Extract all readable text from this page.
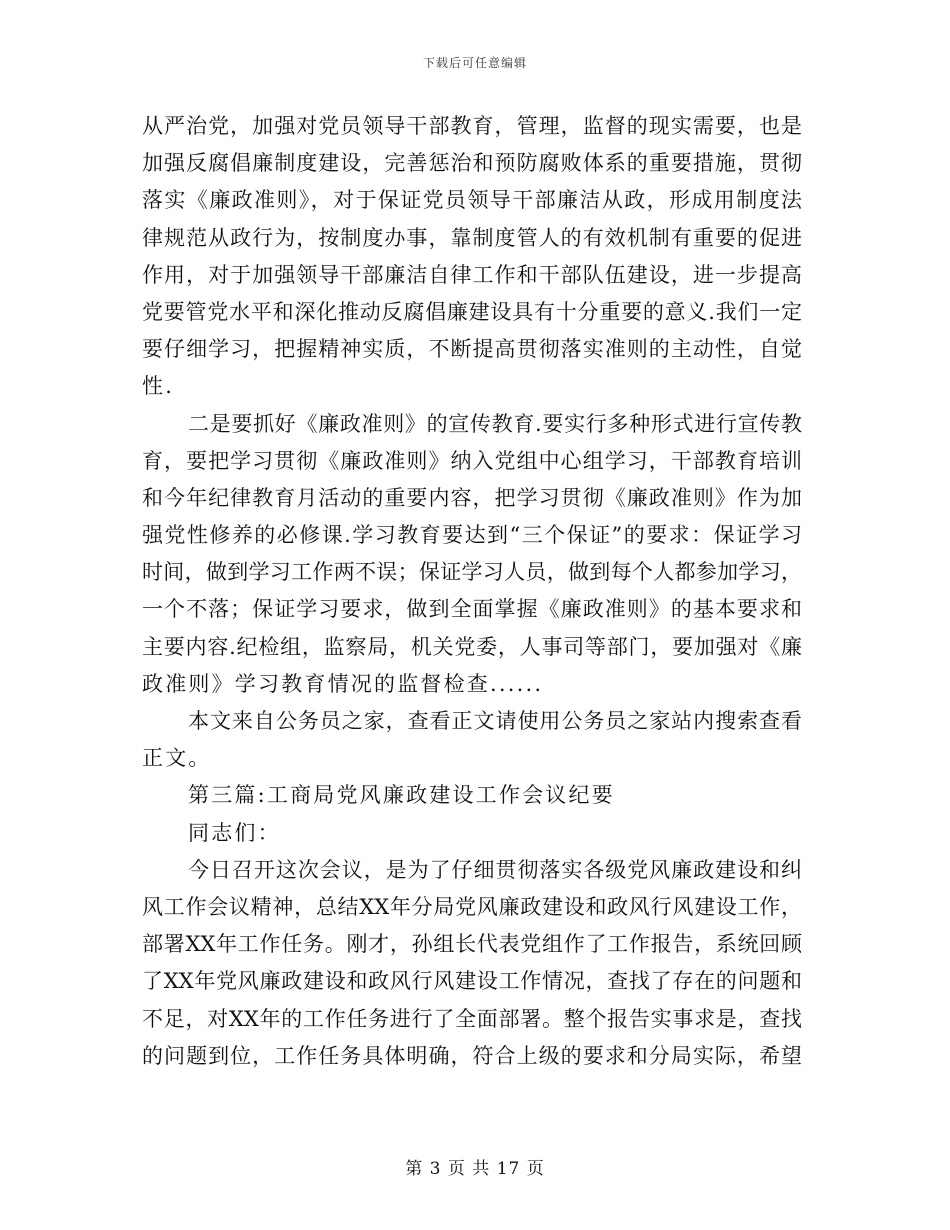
下载后可任意编辑
从严治党，加强对党员领导干部教育，管理，监督的现实需要，也是
加强反腐倡廉制度建设，完善惩治和预防腐败体系的重要措施，贯彻
落实《廉政准则》，对于保证党员领导干部廉洁从政，形成用制度法
律规范从政行为，按制度办事，靠制度管人的有效机制有重要的促进
作用，对于加强领导干部廉洁自律工作和干部队伍建设，进一步提高
党要管党水平和深化推动反腐倡廉建设具有十分重要的意义.我们一定
要仔细学习，把握精神实质，不断提高贯彻落实准则的主动性，自觉
性.
二是要抓好《廉政准则》的宣传教育.要实行多种形式进行宣传教
育，要把学习贯彻《廉政准则》纳入党组中心组学习，干部教育培训
和今年纪律教育月活动的重要内容，把学习贯彻《廉政准则》作为加
强党性修养的必修课.学习教育要达到“三个保证”的要求：保证学习
时间，做到学习工作两不误；保证学习人员，做到每个人都参加学习，
一个不落；保证学习要求，做到全面掌握《廉政准则》的基本要求和
主要内容.纪检组，监察局，机关党委，人事司等部门，要加强对《廉
政准则》学习教育情况的监督检查......
本文来自公务员之家，查看正文请使用公务员之家站内搜索查看
正文。
第三篇:工商局党风廉政建设工作会议纪要
同志们：
今日召开这次会议，是为了仔细贯彻落实各级党风廉政建设和纠
风工作会议精神，总结XX年分局党风廉政建设和政风行风建设工作，
部署XX年工作任务。刚才，孙组长代表党组作了工作报告，系统回顾
了XX年党风廉政建设和政风行风建设工作情况，查找了存在的问题和
不足，对XX年的工作任务进行了全面部署。整个报告实事求是，查找
的问题到位，工作任务具体明确，符合上级的要求和分局实际，希望
第 3 页 共 17 页
